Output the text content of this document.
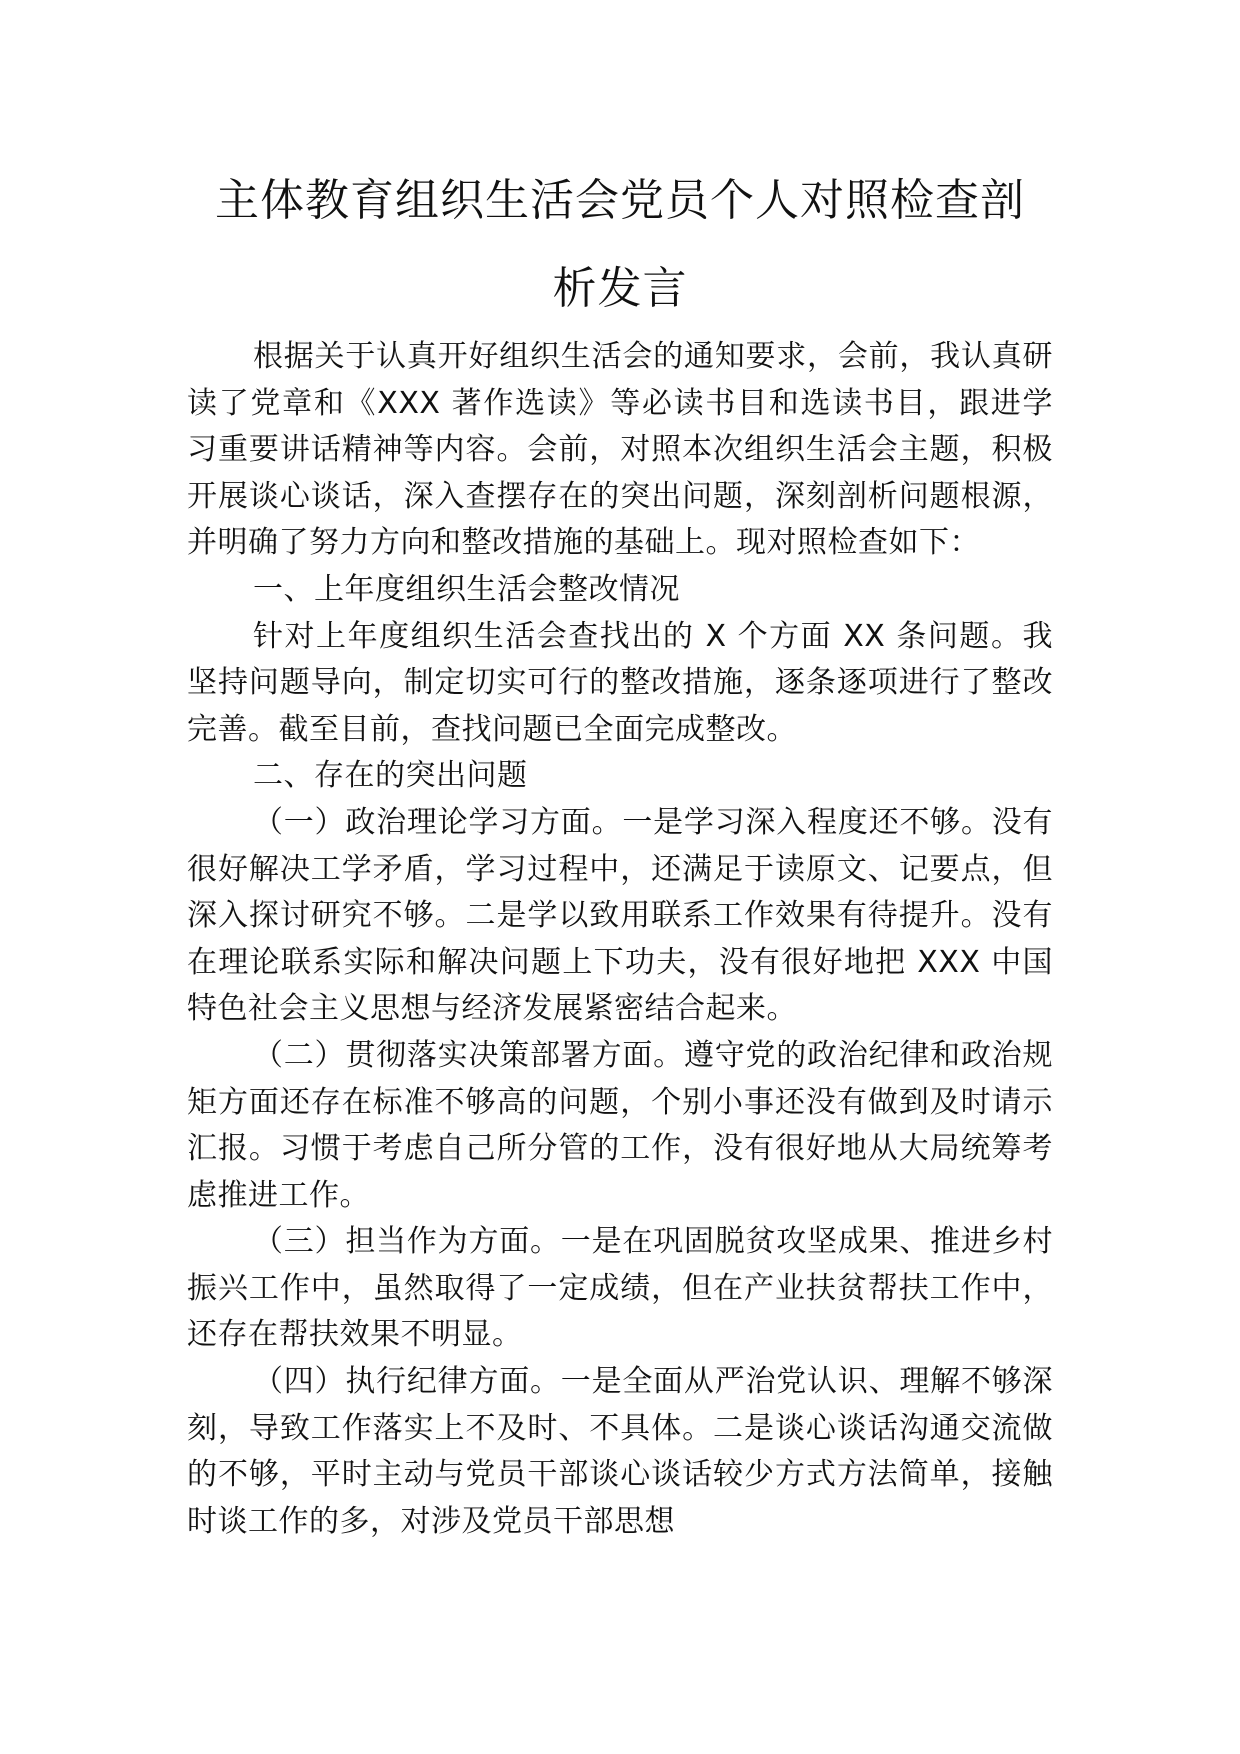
主体教育组织生活会党员个人对照检查剖
析发言

根据关于认真开好组织生活会的通知要求，会前，我认真研读了党章和《XXX 著作选读》等必读书目和选读书目，跟进学习重要讲话精神等内容。会前，对照本次组织生活会主题，积极开展谈心谈话，深入查摆存在的突出问题，深刻剖析问题根源，并明确了努力方向和整改措施的基础上。现对照检查如下：

一、上年度组织生活会整改情况

针对上年度组织生活会查找出的 X 个方面 XX 条问题。我坚持问题导向，制定切实可行的整改措施，逐条逐项进行了整改完善。截至目前，查找问题已全面完成整改。

二、存在的突出问题

（一）政治理论学习方面。一是学习深入程度还不够。没有很好解决工学矛盾，学习过程中，还满足于读原文、记要点，但深入探讨研究不够。二是学以致用联系工作效果有待提升。没有在理论联系实际和解决问题上下功夫，没有很好地把 XXX 中国特色社会主义思想与经济发展紧密结合起来。

（二）贯彻落实决策部署方面。遵守党的政治纪律和政治规矩方面还存在标准不够高的问题，个别小事还没有做到及时请示汇报。习惯于考虑自己所分管的工作，没有很好地从大局统筹考虑推进工作。

（三）担当作为方面。一是在巩固脱贫攻坚成果、推进乡村振兴工作中，虽然取得了一定成绩，但在产业扶贫帮扶工作中，还存在帮扶效果不明显。

（四）执行纪律方面。一是全面从严治党认识、理解不够深刻，导致工作落实上不及时、不具体。二是谈心谈话沟通交流做的不够，平时主动与党员干部谈心谈话较少方式方法简单，接触时谈工作的多，对涉及党员干部思想
